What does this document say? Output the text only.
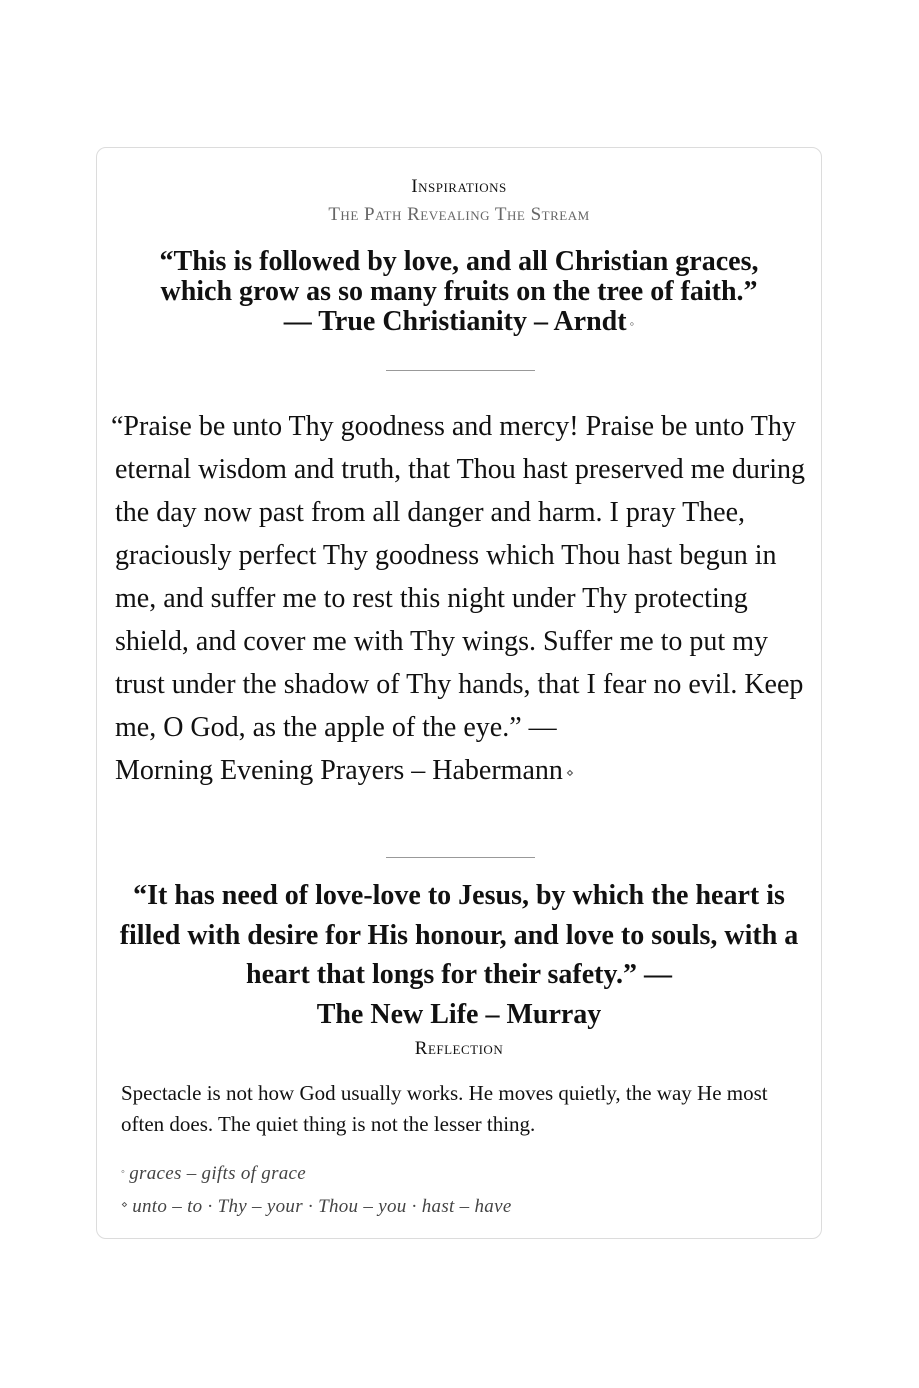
Inspirations
The Path Revealing The Stream
“This is followed by love, and all Christian graces,
which grow as so many fruits on the tree of faith.”
— True Christianity – Arndt ◦

“Praise be unto Thy goodness and mercy! Praise be unto Thy eternal wisdom and truth, that Thou hast preserved me during the day now past from all danger and harm. I pray Thee, graciously perfect Thy goodness which Thou hast begun in me, and suffer me to rest this night under Thy protecting shield, and cover me with Thy wings. Suffer me to put my trust under the shadow of Thy hands, that I fear no evil. Keep me, O God, as the apple of the eye.” —

Morning Evening Prayers – Habermann ⋄

“It has need of love-love to Jesus, by which the heart is filled with desire for His honour, and love to souls, with a heart that longs for their safety.” —
The New Life – Murray
Reflection
Spectacle is not how God usually works. He moves quietly, the way He most often does. The quiet thing is not the lesser thing.
◦ graces – gifts of grace
⋄ unto – to · Thy – your · Thou – you · hast – have
